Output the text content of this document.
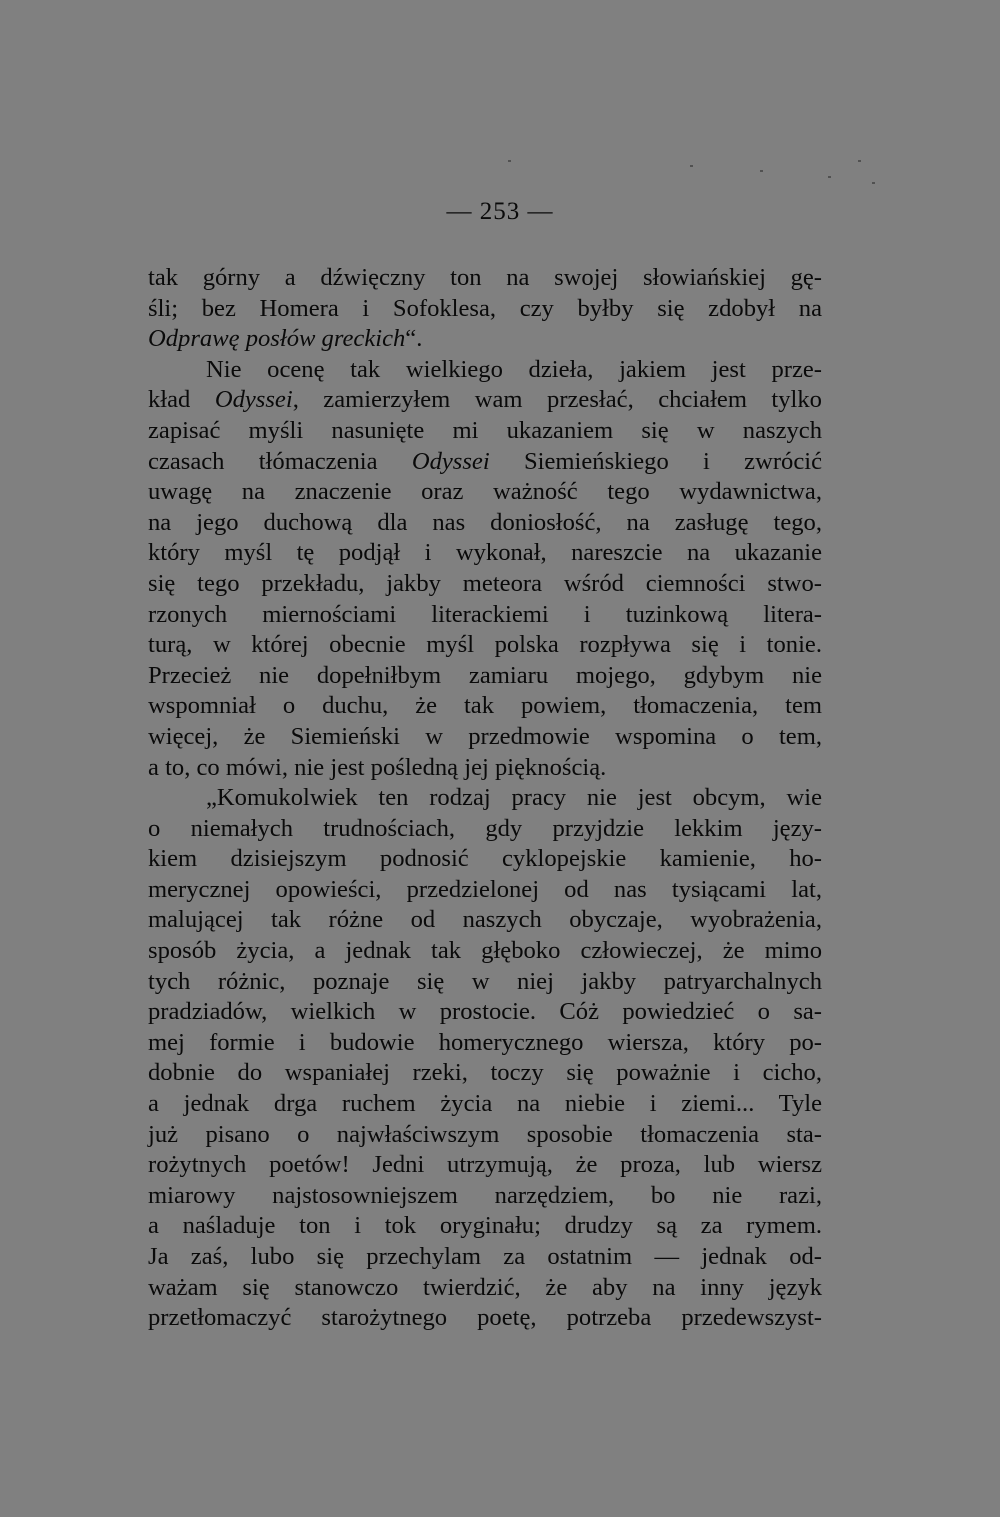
— 253 —
tak górny a dźwięczny ton na swojej słowiańskiej gę-
śli; bez Homera i Sofoklesa, czy byłby się zdobył na
Odprawę posłów greckich“.
Nie ocenę tak wielkiego dzieła, jakiem jest prze-
kład Odyssei, zamierzyłem wam przesłać, chciałem tylko
zapisać myśli nasunięte mi ukazaniem się w naszych
czasach tłómaczenia Odyssei Siemieńskiego i zwrócić
uwagę na znaczenie oraz ważność tego wydawnictwa,
na jego duchową dla nas doniosłość, na zasługę tego,
który myśl tę podjął i wykonał, nareszcie na ukazanie
się tego przekładu, jakby meteora wśród ciemności stwo-
rzonych miernościami literackiemi i tuzinkową litera-
turą, w której obecnie myśl polska rozpływa się i tonie.
Przecież nie dopełniłbym zamiaru mojego, gdybym nie
wspomniał o duchu, że tak powiem, tłomaczenia, tem
więcej, że Siemieński w przedmowie wspomina o tem,
a to, co mówi, nie jest pośledną jej pięknością.
„Komukolwiek ten rodzaj pracy nie jest obcym, wie
o niemałych trudnościach, gdy przyjdzie lekkim języ-
kiem dzisiejszym podnosić cyklopejskie kamienie, ho-
merycznej opowieści, przedzielonej od nas tysiącami lat,
malującej tak różne od naszych obyczaje, wyobrażenia,
sposób życia, a jednak tak głęboko człowieczej, że mimo
tych różnic, poznaje się w niej jakby patryarchalnych
pradziadów, wielkich w prostocie. Cóż powiedzieć o sa-
mej formie i budowie homerycznego wiersza, który po-
dobnie do wspaniałej rzeki, toczy się poważnie i cicho,
a jednak drga ruchem życia na niebie i ziemi... Tyle
już pisano o najwłaściwszym sposobie tłomaczenia sta-
rożytnych poetów! Jedni utrzymują, że proza, lub wiersz
miarowy najstosowniejszem narzędziem, bo nie razi,
a naśladuje ton i tok oryginału; drudzy są za rymem.
Ja zaś, lubo się przechylam za ostatnim — jednak od-
ważam się stanowczo twierdzić, że aby na inny język
przetłomaczyć starożytnego poetę, potrzeba przedewszyst-
